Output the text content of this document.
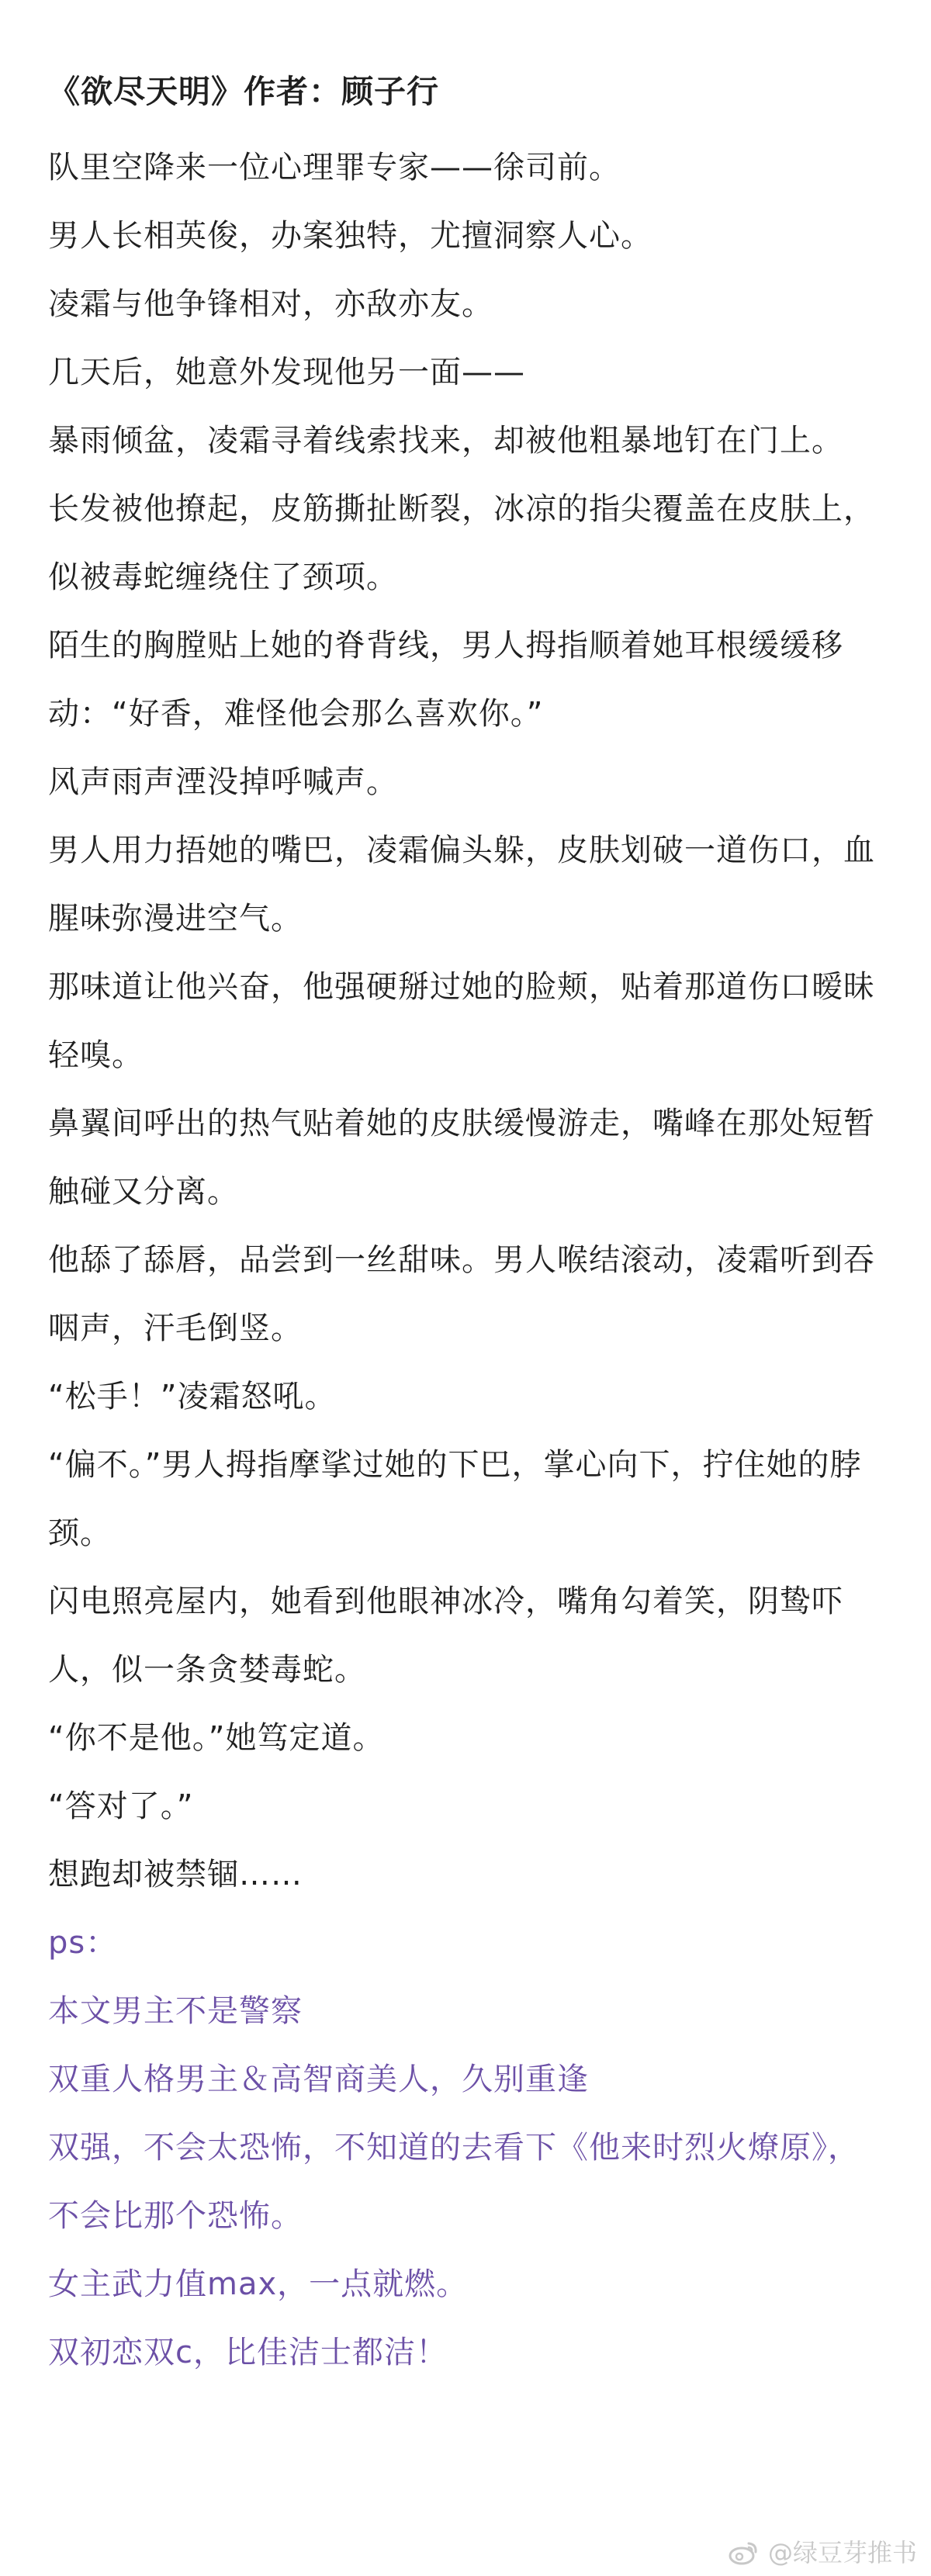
《欲尽天明》作者：顾子行

队里空降来一位心理罪专家——徐司前。

男人长相英俊，办案独特，尤擅洞察人心。

凌霜与他争锋相对，亦敌亦友。

几天后，她意外发现他另一面——

暴雨倾盆，凌霜寻着线索找来，却被他粗暴地钉在门上。

长发被他撩起，皮筋撕扯断裂，冰凉的指尖覆盖在皮肤上，似被毒蛇缠绕住了颈项。

陌生的胸膛贴上她的脊背线，男人拇指顺着她耳根缓缓移动：“好香，难怪他会那么喜欢你。”

风声雨声湮没掉呼喊声。

男人用力捂她的嘴巴，凌霜偏头躲，皮肤划破一道伤口，血腥味弥漫进空气。

那味道让他兴奋，他强硬掰过她的脸颊，贴着那道伤口暧昧轻嗅。

鼻翼间呼出的热气贴着她的皮肤缓慢游走，嘴峰在那处短暂触碰又分离。

他舔了舔唇，品尝到一丝甜味。男人喉结滚动，凌霜听到吞咽声，汗毛倒竖。

“松手！”凌霜怒吼。

“偏不。”男人拇指摩挲过她的下巴，掌心向下，拧住她的脖颈。

闪电照亮屋内，她看到他眼神冰冷，嘴角勾着笑，阴鸷吓人，似一条贪婪毒蛇。

“你不是他。”她笃定道。

“答对了。”

想跑却被禁锢……

ps：

本文男主不是警察

双重人格男主＆高智商美人，久别重逢

双强，不会太恐怖，不知道的去看下《他来时烈火燎原》，不会比那个恐怖。

女主武力值max，一点就燃。

双初恋双c，比佳洁士都洁！

@绿豆芽推书
